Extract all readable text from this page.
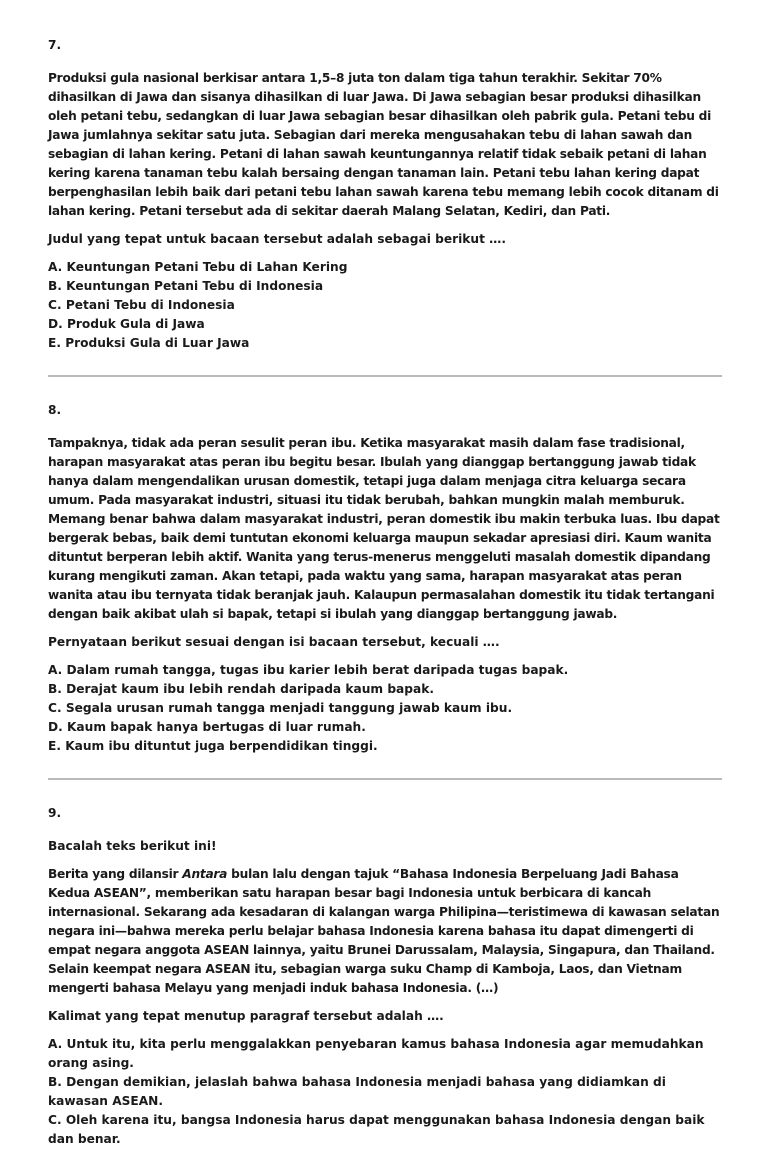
7.

Produksi gula nasional berkisar antara 1,5–8 juta ton dalam tiga tahun terakhir. Sekitar 70% dihasilkan di Jawa dan sisanya dihasilkan di luar Jawa. Di Jawa sebagian besar produksi dihasilkan oleh petani tebu, sedangkan di luar Jawa sebagian besar dihasilkan oleh pabrik gula. Petani tebu di Jawa jumlahnya sekitar satu juta. Sebagian dari mereka mengusahakan tebu di lahan sawah dan sebagian di lahan kering. Petani di lahan sawah keuntungannya relatif tidak sebaik petani di lahan kering karena tanaman tebu kalah bersaing dengan tanaman lain. Petani tebu lahan kering dapat berpenghasilan lebih baik dari petani tebu lahan sawah karena tebu memang lebih cocok ditanam di lahan kering. Petani tersebut ada di sekitar daerah Malang Selatan, Kediri, dan Pati.

Judul yang tepat untuk bacaan tersebut adalah sebagai berikut ….

A. Keuntungan Petani Tebu di Lahan Kering
B. Keuntungan Petani Tebu di Indonesia
C. Petani Tebu di Indonesia
D. Produk Gula di Jawa
E. Produksi Gula di Luar Jawa

8.

Tampaknya, tidak ada peran sesulit peran ibu. Ketika masyarakat masih dalam fase tradisional, harapan masyarakat atas peran ibu begitu besar. Ibulah yang dianggap bertanggung jawab tidak hanya dalam mengendalikan urusan domestik, tetapi juga dalam menjaga citra keluarga secara umum. Pada masyarakat industri, situasi itu tidak berubah, bahkan mungkin malah memburuk. Memang benar bahwa dalam masyarakat industri, peran domestik ibu makin terbuka luas. Ibu dapat bergerak bebas, baik demi tuntutan ekonomi keluarga maupun sekadar apresiasi diri. Kaum wanita dituntut berperan lebih aktif. Wanita yang terus-menerus menggeluti masalah domestik dipandang kurang mengikuti zaman. Akan tetapi, pada waktu yang sama, harapan masyarakat atas peran wanita atau ibu ternyata tidak beranjak jauh. Kalaupun permasalahan domestik itu tidak tertangani dengan baik akibat ulah si bapak, tetapi si ibulah yang dianggap bertanggung jawab.

Pernyataan berikut sesuai dengan isi bacaan tersebut, kecuali ….

A. Dalam rumah tangga, tugas ibu karier lebih berat daripada tugas bapak.
B. Derajat kaum ibu lebih rendah daripada kaum bapak.
C. Segala urusan rumah tangga menjadi tanggung jawab kaum ibu.
D. Kaum bapak hanya bertugas di luar rumah.
E. Kaum ibu dituntut juga berpendidikan tinggi.

9.

Bacalah teks berikut ini!

Berita yang dilansir Antara bulan lalu dengan tajuk “Bahasa Indonesia Berpeluang Jadi Bahasa Kedua ASEAN”, memberikan satu harapan besar bagi Indonesia untuk berbicara di kancah internasional. Sekarang ada kesadaran di kalangan warga Philipina—teristimewa di kawasan selatan negara ini—bahwa mereka perlu belajar bahasa Indonesia karena bahasa itu dapat dimengerti di empat negara anggota ASEAN lainnya, yaitu Brunei Darussalam, Malaysia, Singapura, dan Thailand. Selain keempat negara ASEAN itu, sebagian warga suku Champ di Kamboja, Laos, dan Vietnam mengerti bahasa Melayu yang menjadi induk bahasa Indonesia. (…)

Kalimat yang tepat menutup paragraf tersebut adalah ….

A. Untuk itu, kita perlu menggalakkan penyebaran kamus bahasa Indonesia agar memudahkan orang asing.
B. Dengan demikian, jelaslah bahwa bahasa Indonesia menjadi bahasa yang didiamkan di kawasan ASEAN.
C. Oleh karena itu, bangsa Indonesia harus dapat menggunakan bahasa Indonesia dengan baik dan benar.
